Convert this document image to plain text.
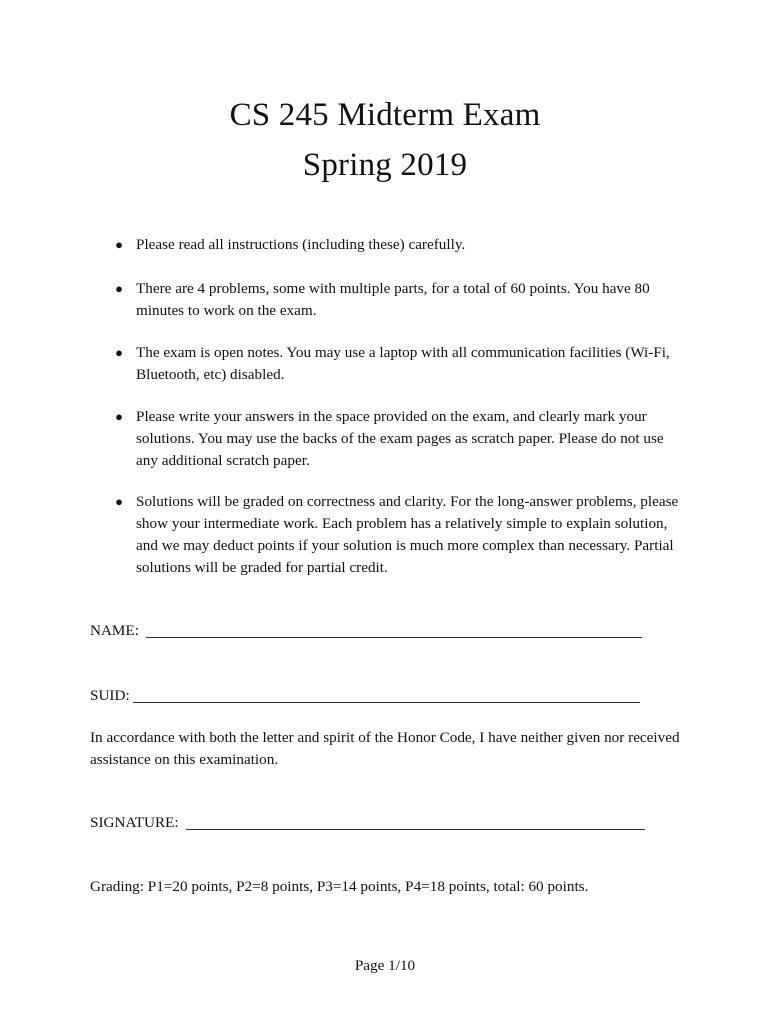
CS 245 Midterm Exam
Spring 2019
● Please read all instructions (including these) carefully.
● There are 4 problems, some with multiple parts, for a total of 60 points. You have 80
minutes to work on the exam.
● The exam is open notes. You may use a laptop with all communication facilities (Wi-Fi,
Bluetooth, etc) disabled.
● Please write your answers in the space provided on the exam, and clearly mark your
solutions. You may use the backs of the exam pages as scratch paper. Please do not use
any additional scratch paper.
● Solutions will be graded on correctness and clarity. For the long-answer problems, please
show your intermediate work. Each problem has a relatively simple to explain solution,
and we may deduct points if your solution is much more complex than necessary. Partial
solutions will be graded for partial credit.
NAME:
SUID:
In accordance with both the letter and spirit of the Honor Code, I have neither given nor received
assistance on this examination.
SIGNATURE:
Grading: P1=20 points, P2=8 points, P3=14 points, P4=18 points, total: 60 points.
Page 1/10
